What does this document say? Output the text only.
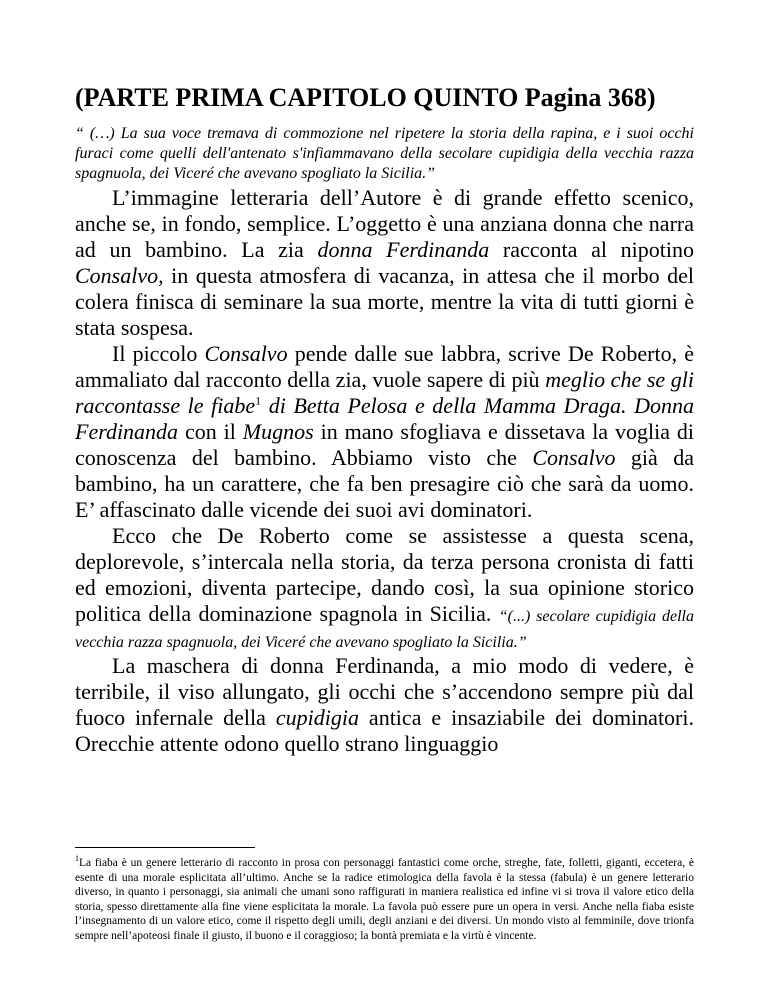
(PARTE PRIMA CAPITOLO QUINTO Pagina 368)

“ (…) La sua voce tremava di commozione nel ripetere la storia della rapina, e i suoi occhi furaci come quelli dell'antenato s'infiammavano della secolare cupidigia della vecchia razza spagnuola, dei Viceré che avevano spogliato la Sicilia.”

L’immagine letteraria dell’Autore è di grande effetto scenico, anche se, in fondo, semplice. L’oggetto è una anziana donna che narra ad un bambino. La zia donna Ferdinanda racconta al nipotino Consalvo, in questa atmosfera di vacanza, in attesa che il morbo del colera finisca di seminare la sua morte, mentre la vita di tutti giorni è stata sospesa.

Il piccolo Consalvo pende dalle sue labbra, scrive De Roberto, è ammaliato dal racconto della zia, vuole sapere di più meglio che se gli raccontasse le fiabe$^1$ di Betta Pelosa e della Mamma Draga. Donna Ferdinanda con il Mugnos in mano sfogliava e dissetava la voglia di conoscenza del bambino. Abbiamo visto che Consalvo già da bambino, ha un carattere, che fa ben presagire ciò che sarà da uomo. E’ affascinato dalle vicende dei suoi avi dominatori.

Ecco che De Roberto come se assistesse a questa scena, deplorevole, s’intercala nella storia, da terza persona cronista di fatti ed emozioni, diventa partecipe, dando così, la sua opinione storico politica della dominazione spagnola in Sicilia. “(...) secolare cupidigia della vecchia razza spagnuola, dei Viceré che avevano spogliato la Sicilia.”

La maschera di donna Ferdinanda, a mio modo di vedere, è terribile, il viso allungato, gli occhi che s’accendono sempre più dal fuoco infernale della cupidigia antica e insaziabile dei dominatori. Orecchie attente odono quello strano linguaggio

$^1$La fiaba è un genere letterario di racconto in prosa con personaggi fantastici come orche, streghe, fate, folletti, giganti, eccetera, è esente di una morale esplicitata all’ultimo. Anche se la radice etimologica della favola è la stessa (fabula) è un genere letterario diverso, in quanto i personaggi, sia animali che umani sono raffigurati in maniera realistica ed infine vi si trova il valore etico della storia, spesso direttamente alla fine viene esplicitata la morale. La favola può essere pure un opera in versi. Anche nella fiaba esiste l’insegnamento di un valore etico, come il rispetto degli umili, degli anziani e dei diversi. Un mondo visto al femminile, dove trionfa sempre nell’apoteosi finale il giusto, il buono e il coraggioso; la bontà premiata e la virtù è vincente.
